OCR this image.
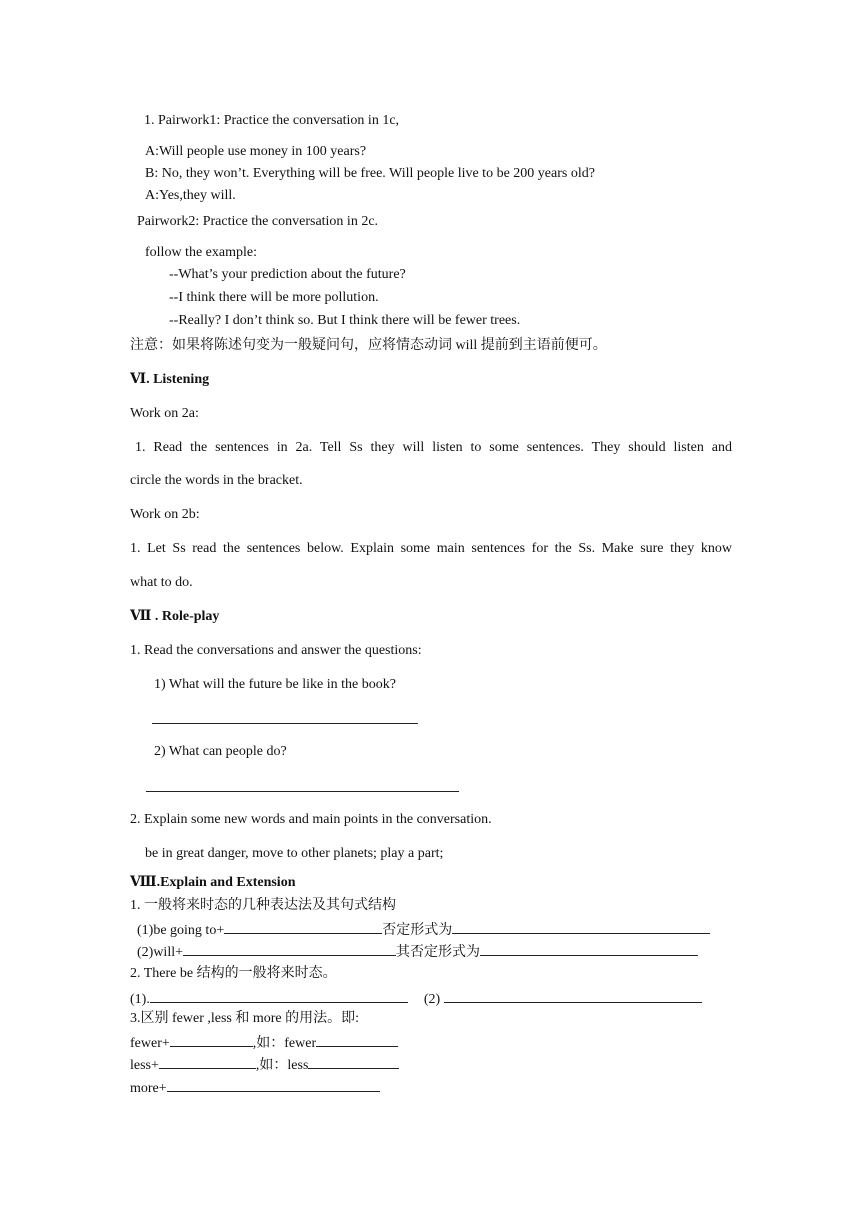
1. Pairwork1: Practice the conversation in 1c,
A:Will people use money in 100 years?
B: No, they won’t. Everything will be free. Will people live to be 200 years old?
A:Yes,they will.
Pairwork2: Practice the conversation in 2c.
follow the example:
--What’s your prediction about the future?
--I think there will be more pollution.
--Really? I don’t think so. But I think there will be fewer trees.
注意：如果将陈述句变为一般疑问句，应将情态动词 will 提前到主语前便可。
Ⅵ. Listening
Work on 2a:
1. Read the sentences in 2a. Tell Ss they will listen to some sentences. They should listen and
circle the words in the bracket.
Work on 2b:
1. Let Ss read the sentences below. Explain some main sentences for the Ss. Make sure they know
what to do.
Ⅶ . Role-play
1. Read the conversations and answer the questions:
1) What will the future be like in the book?
2) What can people do?
2. Explain some new words and main points in the conversation.
be in great danger, move to other planets; play a part;
Ⅷ.Explain and Extension
1. 一般将来时态的几种表达法及其句式结构
(1)be going to+	否定形式为
(2)will+	其否定形式为
2. There be 结构的一般将来时态。
(1).	(2)
3.区别 fewer ,less 和 more 的用法。即:
fewer+	,如：fewer
less+	,如：less
more+
